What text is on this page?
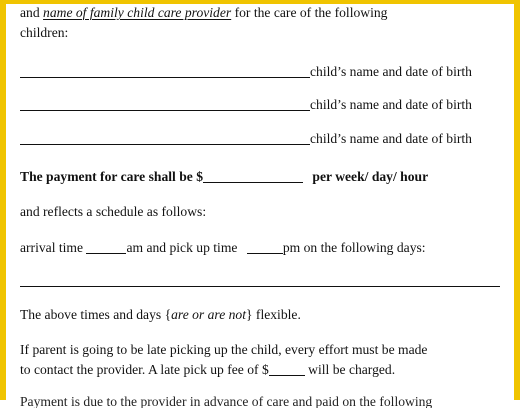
and name of family child care provider for the care of the following
children:
child’s name and date of birth
child’s name and date of birth
child’s name and date of birth
The payment for care shall be $	per week/ day/ hour
and reflects a schedule as follows:
arrival time	am and pick up time	pm on the following days:
The above times and days {are or are not} flexible.
If parent is going to be late picking up the child, every effort must be made
to contact the provider. A late pick up fee of $	will be charged.
Payment is due to the provider in advance of care and paid on the following
